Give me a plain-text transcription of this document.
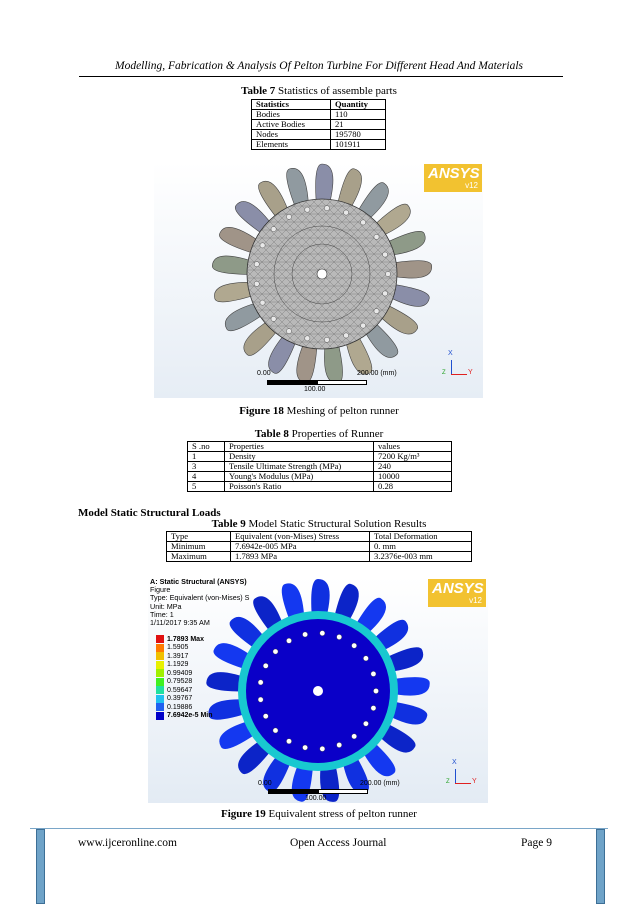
Modelling, Fabrication & Analysis Of Pelton Turbine For Different Head And Materials
Table 7 Statistics of assemble parts
Statistics	Quantity
Bodies	110
Active Bodies	21
Nodes	195780
Elements	101911
ANSYS
v12
0.00
100.00
200.00 (mm)
X
Y
Z
Figure 18 Meshing of pelton runner
Table 8 Properties of Runner
S .no	Properties	values
1	Density	7200 Kg/m³
3	Tensile Ultimate Strength (MPa)	240
4	Young's Modulus (MPa)	10000
5	Poisson's Ratio	0.28
Model Static Structural Loads
Table 9 Model Static Structural Solution Results
Type	Equivalent (von-Mises) Stress	Total Deformation
Minimum	7.6942e-005 MPa	0. mm
Maximum	1.7893 MPa	3.2376e-003 mm
A: Static Structural (ANSYS)
Figure
Type: Equivalent (von-Mises) S
Unit: MPa
Time: 1
1/11/2017 9:35 AM
1.7893 Max
1.5905
1.3917
1.1929
0.99409
0.79528
0.59647
0.39767
0.19886
7.6942e-5 Min
ANSYS
v12
0.00
100.00
200.00 (mm)
X
Y
Z
Figure 19 Equivalent stress of pelton runner
www.ijceronline.com	Open Access Journal	Page 9
